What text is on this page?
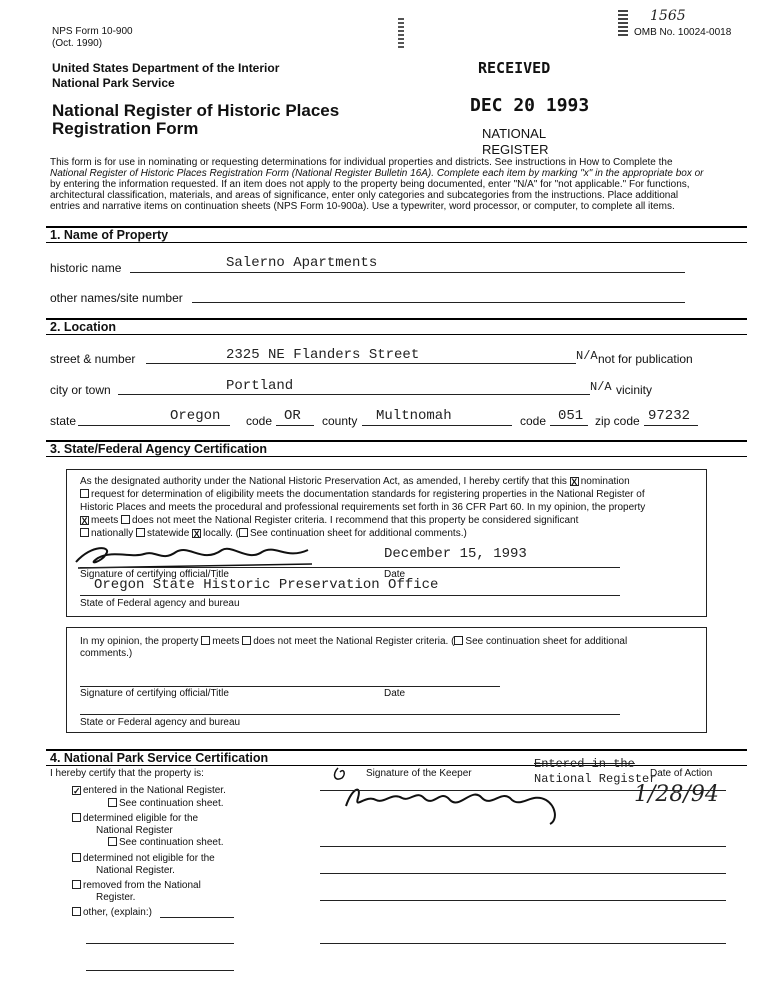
NPS Form 10-900
(Oct. 1990)
1565
OMB No. 10024-0018
United States Department of the Interior
National Park Service
National Register of Historic Places
Registration Form
RECEIVED
DEC 20 1993
NATIONAL
REGISTER
This form is for use in nominating or requesting determinations for individual properties and districts. See instructions in How to Complete the
National Register of Historic Places Registration Form (National Register Bulletin 16A). Complete each item by marking "x" in the appropriate box or
by entering the information requested. If an item does not apply to the property being documented, enter "N/A" for "not applicable." For functions,
architectural classification, materials, and areas of significance, enter only categories and subcategories from the instructions. Place additional
entries and narrative items on continuation sheets (NPS Form 10-900a). Use a typewriter, word processor, or computer, to complete all items.
1. Name of Property
historic name	Salerno Apartments
other names/site number
2. Location
street & number	2325 NE Flanders Street	N/A not for publication
city or town	Portland	N/A vicinity
state	Oregon code OR county Multnomah	code 051 zip code 97232
3. State/Federal Agency Certification
As the designated authority under the National Historic Preservation Act, as amended, I hereby certify that this X nomination
request for determination of eligibility meets the documentation standards for registering properties in the National Register of
Historic Places and meets the procedural and professional requirements set forth in 36 CFR Part 60. In my opinion, the property
X meets does not meet the National Register criteria. I recommend that this property be considered significant
nationally statewide X locally. ( See continuation sheet for additional comments.)
December 15, 1993
Signature of certifying official/Title	Date
Oregon State Historic Preservation Office
State of Federal agency and bureau
In my opinion, the property meets does not meet the National Register criteria. ( See continuation sheet for additional
comments.)
Signature of certifying official/Title	Date
State or Federal agency and bureau
4. National Park Service Certification
I hereby certify that the property is:	Signature of the Keeper
Entered in the
National Register
Date of Action
1/28/94
✓ entered in the National Register.
See continuation sheet.
determined eligible for the
National Register
See continuation sheet.
determined not eligible for the
National Register.
removed from the National
Register.
other, (explain:)
